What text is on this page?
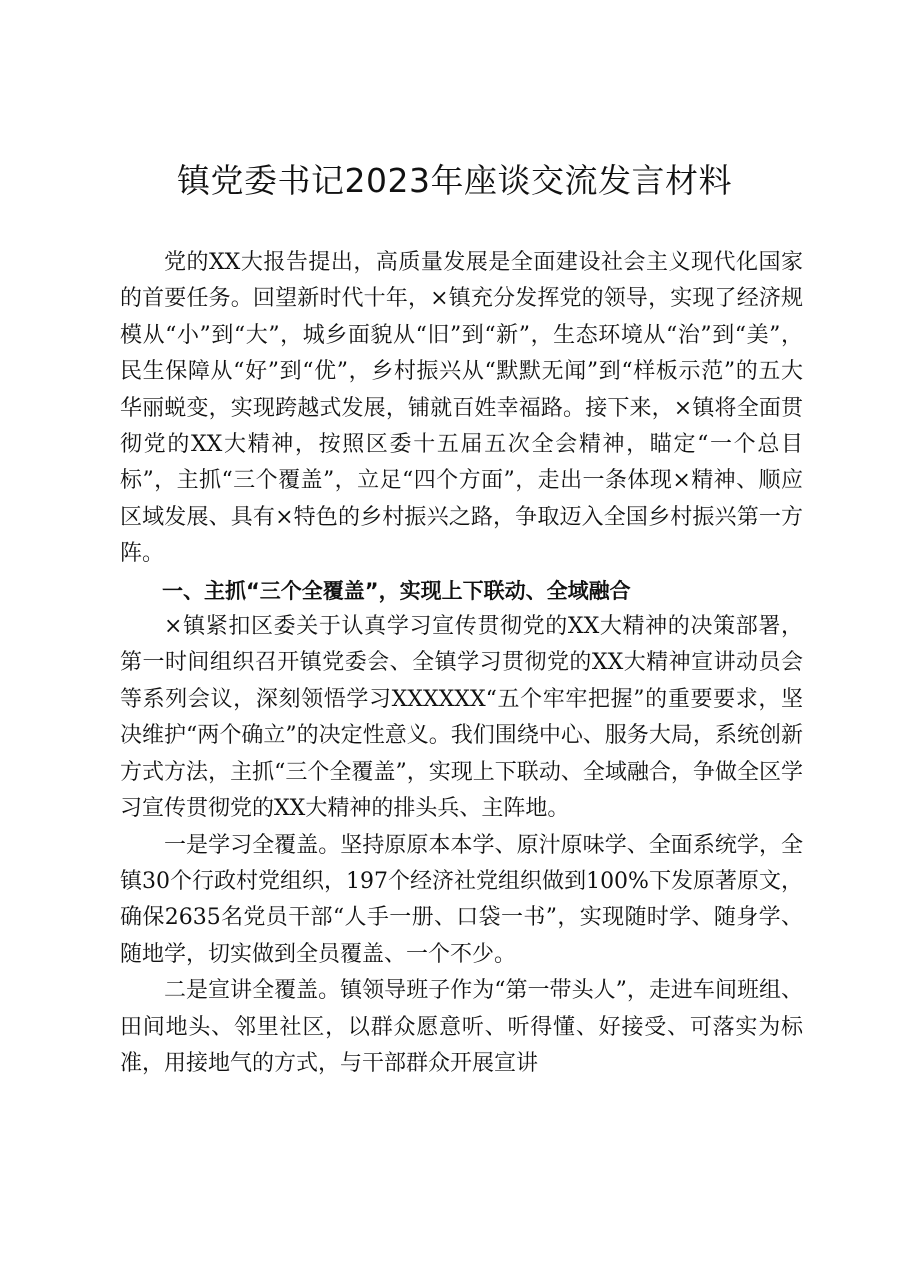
镇党委书记2023年座谈交流发言材料

党的XX大报告提出，高质量发展是全面建设社会主义现代化国家的首要任务。回望新时代十年，×镇充分发挥党的领导，实现了经济规模从“小”到“大”，城乡面貌从“旧”到“新”，生态环境从“治”到“美”，民生保障从“好”到“优”，乡村振兴从“默默无闻”到“样板示范”的五大华丽蜕变，实现跨越式发展，铺就百姓幸福路。接下来，×镇将全面贯彻党的XX大精神，按照区委十五届五次全会精神，瞄定“一个总目标”，主抓“三个覆盖”，立足“四个方面”，走出一条体现×精神、顺应区域发展、具有×特色的乡村振兴之路，争取迈入全国乡村振兴第一方阵。

一、主抓“三个全覆盖”，实现上下联动、全域融合

×镇紧扣区委关于认真学习宣传贯彻党的XX大精神的决策部署，第一时间组织召开镇党委会、全镇学习贯彻党的XX大精神宣讲动员会等系列会议，深刻领悟学习XXXXXX“五个牢牢把握”的重要要求，坚决维护“两个确立”的决定性意义。我们围绕中心、服务大局，系统创新方式方法，主抓“三个全覆盖”，实现上下联动、全域融合，争做全区学习宣传贯彻党的XX大精神的排头兵、主阵地。

一是学习全覆盖。坚持原原本本学、原汁原味学、全面系统学，全镇30个行政村党组织，197个经济社党组织做到100%下发原著原文，确保2635名党员干部“人手一册、口袋一书”，实现随时学、随身学、随地学，切实做到全员覆盖、一个不少。

二是宣讲全覆盖。镇领导班子作为“第一带头人”，走进车间班组、田间地头、邻里社区，以群众愿意听、听得懂、好接受、可落实为标准，用接地气的方式，与干部群众开展宣讲
